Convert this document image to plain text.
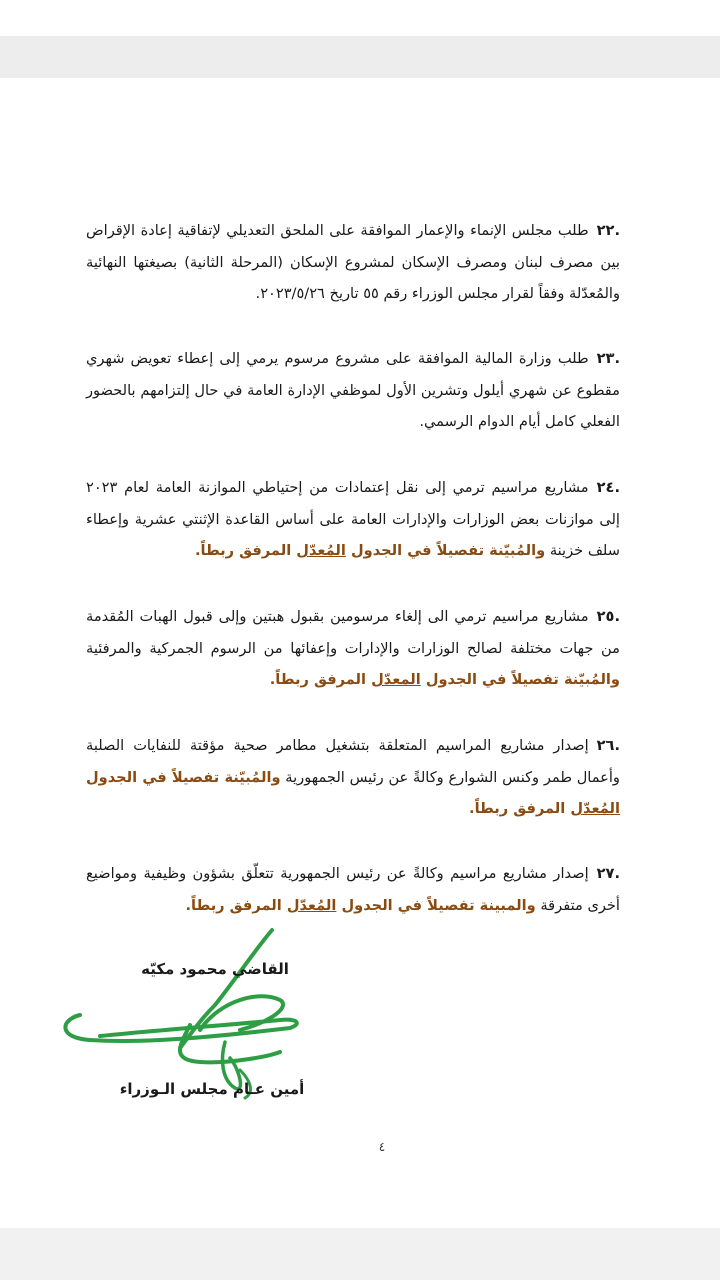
.٢٢طلب مجلس الإنماء والإعمار الموافقة على الملحق التعديلي لإتفاقية إعادة الإقراض بين مصرف لبنان ومصرف الإسكان لمشروع الإسكان (المرحلة الثانية) بصيغتها النهائية والمُعدّلة وفقاً لقرار مجلس الوزراء رقم ٥٥ تاريخ ٢٠٢٣/٥/٢٦.
.٢٣طلب وزارة المالية الموافقة على مشروع مرسوم يرمي إلى إعطاء تعويض شهري مقطوع عن شهري أيلول وتشرين الأول لموظفي الإدارة العامة في حال إلتزامهم بالحضور الفعلي كامل أيام الدوام الرسمي.
.٢٤مشاريع مراسيم ترمي إلى نقل إعتمادات من إحتياطي الموازنة العامة لعام ٢٠٢٣ إلى موازنات بعض الوزارات والإدارات العامة على أساس القاعدة الإثنتي عشرية وإعطاء سلف خزينة والمُبيّنة تفصيلاً في الجدول المُعدّل المرفق ربطاً.
.٢٥مشاريع مراسيم ترمي الى إلغاء مرسومين بقبول هبتين وإلى قبول الهبات المُقدمة من جهات مختلفة لصالح الوزارات والإدارات وإعفائها من الرسوم الجمركية والمرفئية والمُبيّنة تفصيلاً في الجدول المعدّل المرفق ربطاً.
.٢٦إصدار مشاريع المراسيم المتعلقة بتشغيل مطامر صحية مؤقتة للنفايات الصلبة وأعمال طمر وكنس الشوارع وكالةً عن رئيس الجمهورية والمُبيّنة تفصيلاً في الجدول المُعدّل المرفق ربطاً.
.٢٧إصدار مشاريع مراسيم وكالةً عن رئيس الجمهورية تتعلّق بشؤون وظيفية ومواضيع أخرى متفرقة والمبينة تفصيلاً في الجدول المُعدّل المرفق ربطاً.
القاضي محمود مكيّه
أمين عـام مجلس الـوزراء
٤
